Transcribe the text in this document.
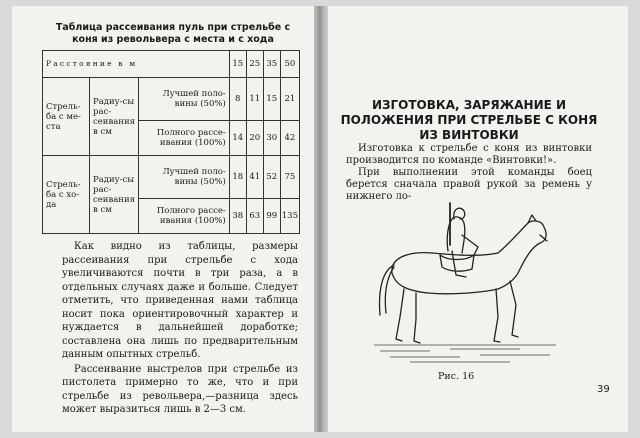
Таблица рассеивания пуль при стрельбе с коня из револьвера с места и с хода
Расстояние в м			15	25	35	50
Стрель-ба с ме-ста	Радиу-сы рас-сеивания в см	Лучшей поло-вины (50%)	8	11	15	21
		Полного рассе-ивания (100%)	14	20	30	42
Стрель-ба с хо-да	Радиу-сы рас-сеивания в см	Лучшей поло-вины (50%)	18	41	52	75
		Полного рассе-ивания (100%)	38	63	99	135

Как видно из таблицы, размеры рассеивания при стрельбе с хода увеличиваются почти в три раза, а в отдельных случаях даже и больше. Следует отметить, что приведенная нами таблица носит пока ориентировочный характер и нуждается в дальнейшей доработке; составлена она лишь по предварительным данным опытных стрельб.

Рассеивание выстрелов при стрельбе из пистолета примерно то же, что и при стрельбе из револьвера,—разница здесь может выразиться лишь в 2—3 см.

ИЗГОТОВКА, ЗАРЯЖАНИЕ И ПОЛОЖЕНИЯ ПРИ СТРЕЛЬБЕ С КОНЯ ИЗ ВИНТОВКИ

Изготовка к стрельбе с коня из винтовки производится по команде «Винтовки!».

При выполнении этой команды боец берется сначала правой рукой за ремень у нижнего ло-

Рис. 16
39
